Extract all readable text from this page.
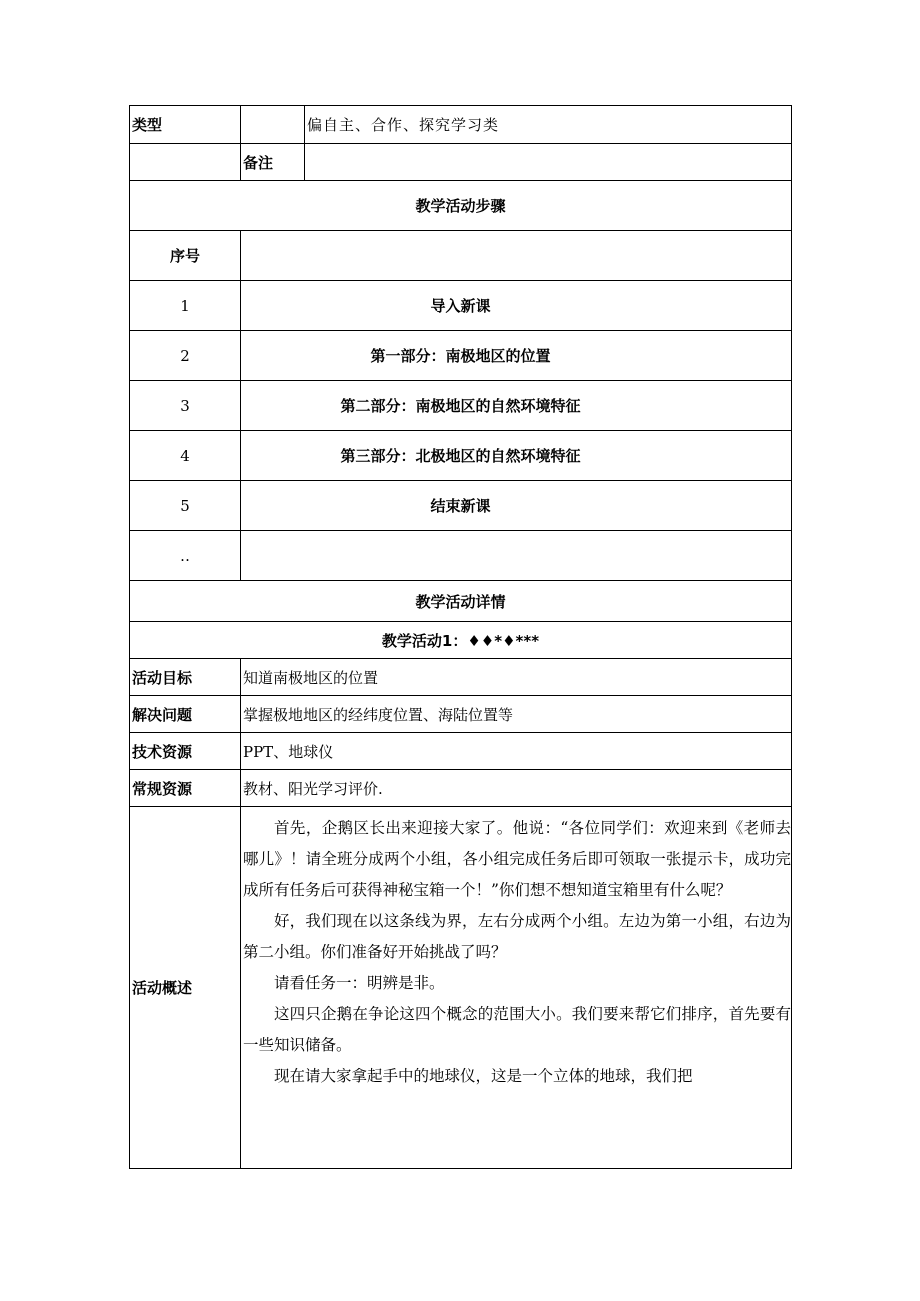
类型		偏自主、合作、探究学习类
	备注	
教学活动步骤		
序号		
1	导入新课	
2	第一部分：南极地区的位置	
3	第二部分：南极地区的自然环境特征	
4	第三部分：北极地区的自然环境特征	
5	结束新课	
‥		
教学活动详情		
教学活动1：♦♦*♦***		
活动目标	知道南极地区的位置	
解决问题	掌握极地地区的经纬度位置、海陆位置等	
技术资源	PPT、地球仪	
常规资源	教材、阳光学习评价.	
活动概述	首先，企鹅区长出来迎接大家了。他说：“各位同学们：欢迎来到《老师去哪儿》！请全班分成两个小组，各小组完成任务后即可领取一张提示卡，成功完成所有任务后可获得神秘宝箱一个！”你们想不想知道宝箱里有什么呢？

好，我们现在以这条线为界，左右分成两个小组。左边为第一小组，右边为第二小组。你们准备好开始挑战了吗？

请看任务一：明辨是非。

这四只企鹅在争论这四个概念的范围大小。我们要来帮它们排序，首先要有一些知识储备。

现在请大家拿起手中的地球仪，这是一个立体的地球，我们把	
